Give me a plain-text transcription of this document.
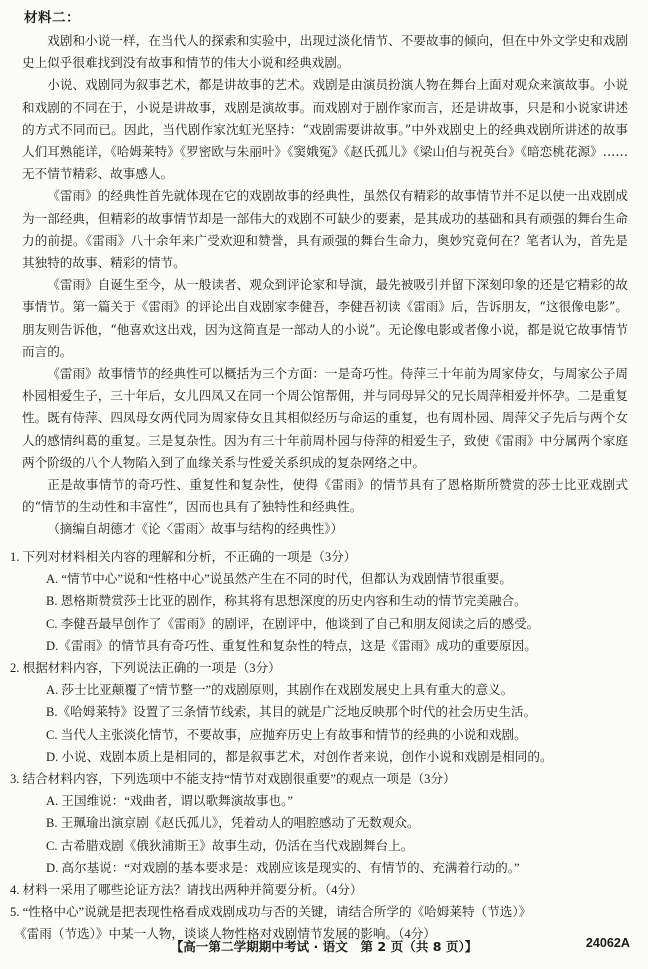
材料二：

戏剧和小说一样，在当代人的探索和实验中，出现过淡化情节、不要故事的倾向，但在中外文学史和戏剧史上似乎很难找到没有故事和情节的伟大小说和经典戏剧。

小说、戏剧同为叙事艺术，都是讲故事的艺术。戏剧是由演员扮演人物在舞台上面对观众来演故事。小说和戏剧的不同在于，小说是讲故事，戏剧是演故事。而戏剧对于剧作家而言，还是讲故事，只是和小说家讲述的方式不同而已。因此，当代剧作家沈虹光坚持：“戏剧需要讲故事。”中外戏剧史上的经典戏剧所讲述的故事人们耳熟能详，《哈姆莱特》《罗密欧与朱丽叶》《窦娥冤》《赵氏孤儿》《梁山伯与祝英台》《暗恋桃花源》……无不情节精彩、故事感人。

《雷雨》的经典性首先就体现在它的戏剧故事的经典性，虽然仅有精彩的故事情节并不足以使一出戏剧成为一部经典，但精彩的故事情节却是一部伟大的戏剧不可缺少的要素，是其成功的基础和具有顽强的舞台生命力的前提。《雷雨》八十余年来广受欢迎和赞誉，具有顽强的舞台生命力，奥妙究竟何在？笔者认为，首先是其独特的故事、精彩的情节。

《雷雨》自诞生至今，从一般读者、观众到评论家和导演，最先被吸引并留下深刻印象的还是它精彩的故事情节。第一篇关于《雷雨》的评论出自戏剧家李健吾，李健吾初读《雷雨》后，告诉朋友，“这很像电影”。朋友则告诉他，“他喜欢这出戏，因为这简直是一部动人的小说”。无论像电影或者像小说，都是说它故事情节而言的。

《雷雨》故事情节的经典性可以概括为三个方面：一是奇巧性。侍萍三十年前为周家侍女，与周家公子周朴园相爱生子，三十年后，女儿四凤又在同一个周公馆帮佣，并与同母异父的兄长周萍相爱并怀孕。二是重复性。既有侍萍、四凤母女两代同为周家侍女且其相似经历与命运的重复，也有周朴园、周萍父子先后与两个女人的感情纠葛的重复。三是复杂性。因为有三十年前周朴园与侍萍的相爱生子，致使《雷雨》中分属两个家庭两个阶级的八个人物陷入到了血缘关系与性爱关系织成的复杂网络之中。

正是故事情节的奇巧性、重复性和复杂性，使得《雷雨》的情节具有了恩格斯所赞赏的莎士比亚戏剧式的“情节的生动性和丰富性”，因而也具有了独特性和经典性。

（摘编自胡德才《论〈雷雨〉故事与结构的经典性》）

1. 下列对材料相关内容的理解和分析，不正确的一项是（3分）

A. “情节中心”说和“性格中心”说虽然产生在不同的时代，但都认为戏剧情节很重要。

B. 恩格斯赞赏莎士比亚的剧作，称其将有思想深度的历史内容和生动的情节完美融合。

C. 李健吾最早创作了《雷雨》的剧评，在剧评中，他谈到了自己和朋友阅读之后的感受。

D.《雷雨》的情节具有奇巧性、重复性和复杂性的特点，这是《雷雨》成功的重要原因。

2. 根据材料内容，下列说法正确的一项是（3分）

A. 莎士比亚颠覆了“情节整一”的戏剧原则，其剧作在戏剧发展史上具有重大的意义。

B.《哈姆莱特》设置了三条情节线索，其目的就是广泛地反映那个时代的社会历史生活。

C. 当代人主张淡化情节，不要故事，应抛弃历史上有故事和情节的经典的小说和戏剧。

D. 小说、戏剧本质上是相同的，都是叙事艺术，对创作者来说，创作小说和戏剧是相同的。

3. 结合材料内容，下列选项中不能支持“情节对戏剧很重要”的观点一项是（3分）

A. 王国维说：“戏曲者，谓以歌舞演故事也。”

B. 王珮瑜出演京剧《赵氏孤儿》，凭着动人的唱腔感动了无数观众。

C. 古希腊戏剧《俄狄浦斯王》故事生动，仍活在当代戏剧舞台上。

D. 高尔基说：“对戏剧的基本要求是：戏剧应该是现实的、有情节的、充满着行动的。”

4. 材料一采用了哪些论证方法？请找出两种并简要分析。（4分）

5. “性格中心”说就是把表现性格看成戏剧成功与否的关键，请结合所学的《哈姆莱特（节选）》

《雷雨（节选）》中某一人物，谈谈人物性格对戏剧情节发展的影响。（4分）

【高一第二学期期中考试 · 语文　第 2 页（共 8 页）】	24062A
